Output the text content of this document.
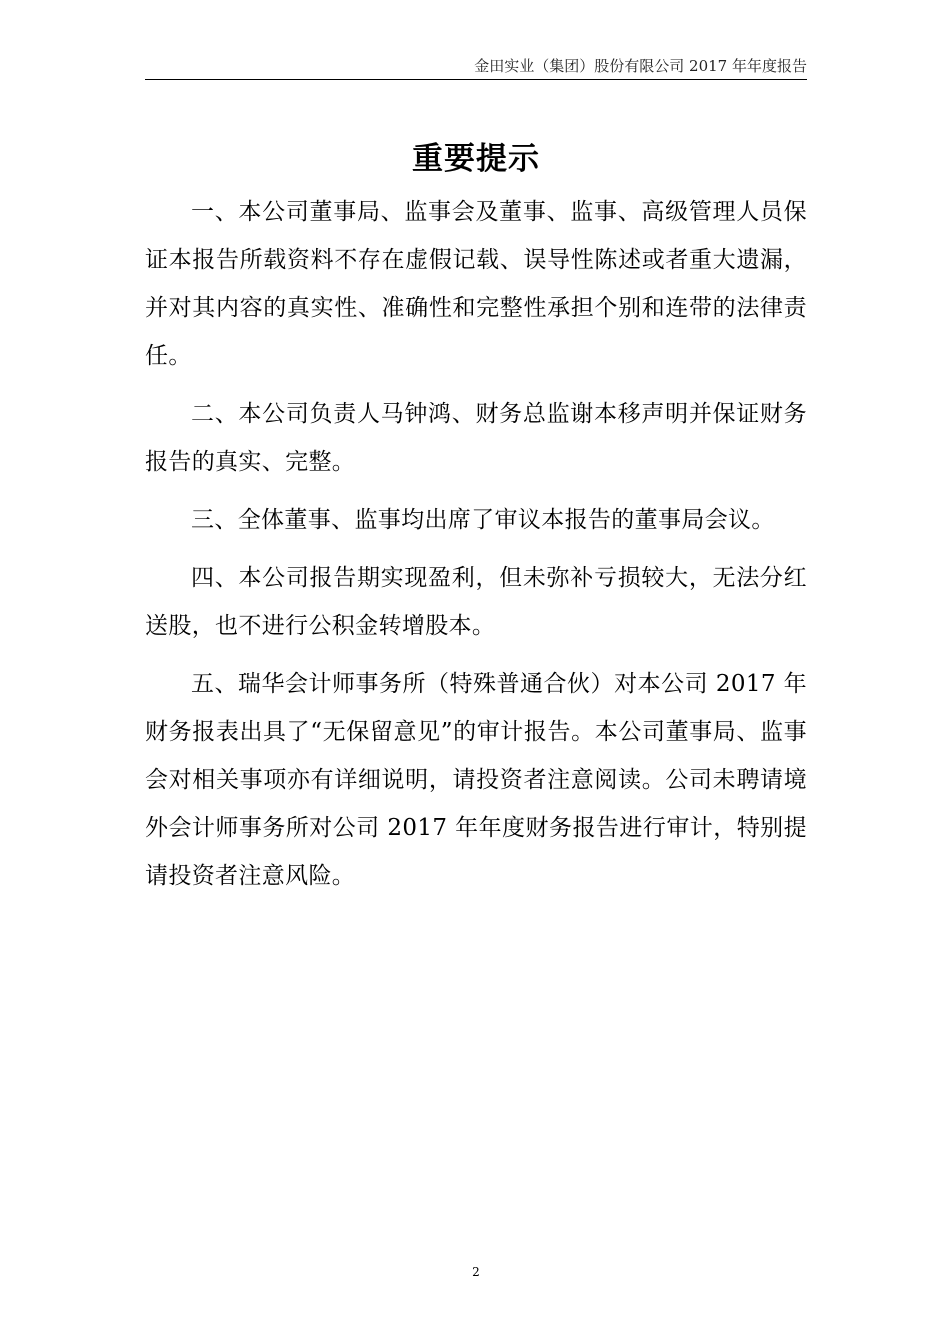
金田实业（集团）股份有限公司 2017 年年度报告
重要提示

一、本公司董事局、监事会及董事、监事、高级管理人员保证本报告所载资料不存在虚假记载、误导性陈述或者重大遗漏，并对其内容的真实性、准确性和完整性承担个别和连带的法律责任。

二、本公司负责人马钟鸿、财务总监谢本移声明并保证财务报告的真实、完整。

三、全体董事、监事均出席了审议本报告的董事局会议。

四、本公司报告期实现盈利，但未弥补亏损较大，无法分红送股，也不进行公积金转增股本。

五、瑞华会计师事务所（特殊普通合伙）对本公司 2017 年财务报表出具了“无保留意见”的审计报告。本公司董事局、监事会对相关事项亦有详细说明，请投资者注意阅读。公司未聘请境外会计师事务所对公司 2017 年年度财务报告进行审计，特别提请投资者注意风险。

2
